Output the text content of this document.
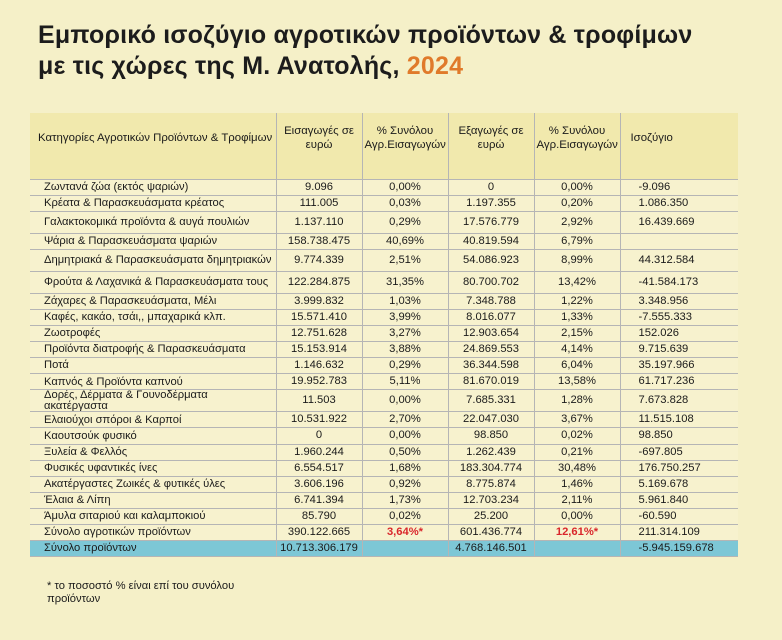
Εμπορικό ισοζύγιο αγροτικών προϊόντων & τροφίμων
με τις χώρες της Μ. Ανατολής, 2024
Κατηγορίες Αγροτικών Προϊόντων & Τροφίμων	Εισαγωγές σε ευρώ	% Συνόλου Αγρ.Εισαγωγών	Εξαγωγές σε ευρώ	% Συνόλου Αγρ.Εισαγωγών	Ισοζύγιο

Ζωντανά ζώα (εκτός ψαριών)	9.096	0,00%	0	0,00%	-9.096
Κρέατα & Παρασκευάσματα κρέατος	111.005	0,03%	1.197.355	0,20%	1.086.350
Γαλακτοκομικά προϊόντα & αυγά πουλιών	1.137.110	0,29%	17.576.779	2,92%	16.439.669
Ψάρια & Παρασκευάσματα ψαριών	158.738.475	40,69%	40.819.594	6,79%	
Δημητριακά & Παρασκευάσματα δημητριακών	9.774.339	2,51%	54.086.923	8,99%	44.312.584
Φρούτα & Λαχανικά & Παρασκευάσματα τους	122.284.875	31,35%	80.700.702	13,42%	-41.584.173
Ζάχαρες & Παρασκευάσματα, Μέλι	3.999.832	1,03%	7.348.788	1,22%	3.348.956
Καφές, κακάο, τσάι,, μπαχαρικά κλπ.	15.571.410	3,99%	8.016.077	1,33%	-7.555.333
Ζωοτροφές	12.751.628	3,27%	12.903.654	2,15%	152.026
Προϊόντα διατροφής & Παρασκευάσματα	15.153.914	3,88%	24.869.553	4,14%	9.715.639
Ποτά	1.146.632	0,29%	36.344.598	6,04%	35.197.966
Καπνός & Προϊόντα καπνού	19.952.783	5,11%	81.670.019	13,58%	61.717.236
Δορές, Δέρματα & Γουνοδέρματα ακατέργαστα	11.503	0,00%	7.685.331	1,28%	7.673.828
Ελαιούχοι σπόροι & Καρποί	10.531.922	2,70%	22.047.030	3,67%	11.515.108
Καουτσούκ φυσικό	0	0,00%	98.850	0,02%	98.850
Ξυλεία & Φελλός	1.960.244	0,50%	1.262.439	0,21%	-697.805
Φυσικές υφαντικές ίνες	6.554.517	1,68%	183.304.774	30,48%	176.750.257
Ακατέργαστες Ζωικές & φυτικές ύλες	3.606.196	0,92%	8.775.874	1,46%	5.169.678
Έλαια & Λίπη	6.741.394	1,73%	12.703.234	2,11%	5.961.840
Άμυλα σιταριού και καλαμποκιού	85.790	0,02%	25.200	0,00%	-60.590
Σύνολο αγροτικών προϊόντων	390.122.665	3,64%*	601.436.774	12,61%*	211.314.109
Σύνολο προϊόντων	10.713.306.179		4.768.146.501		-5.945.159.678
* το ποσοστό % είναι επί του συνόλου προϊόντων
